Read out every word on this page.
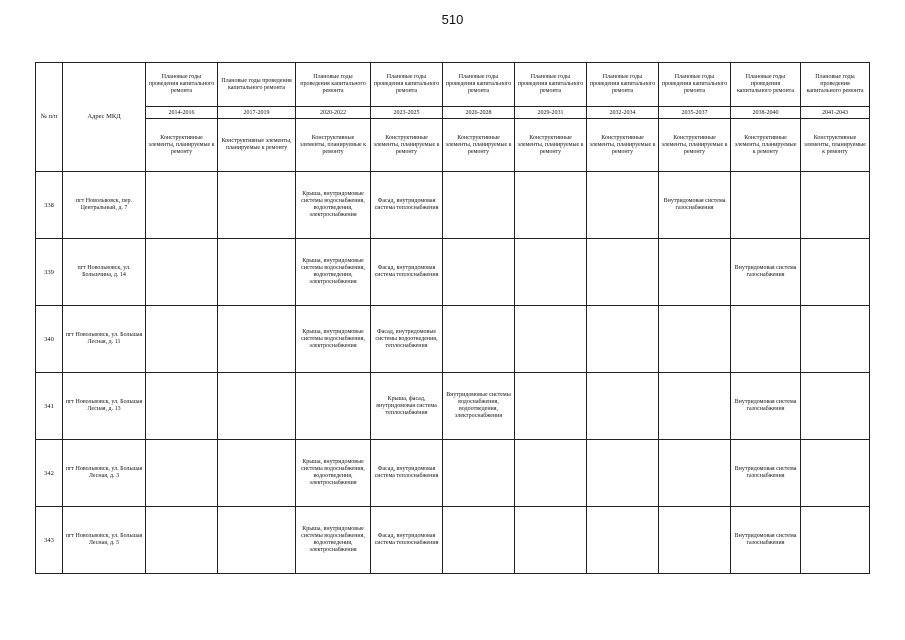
510
№ п/п	Адрес МКД	Плановые годы проведения капитального ремонта	Плановые годы проведения капитального ремонта	Плановые годы проведения капитального ремонта	Плановые годы проведения капитального ремонта	Плановые годы проведения капитального ремонта	Плановые годы проведения капитального ремонта	Плановые годы проведения капитального ремонта	Плановые годы проведения капитального ремонта	Плановые годы проведения капитального ремонта	Плановые годы проведения капитального ремонта
		2014-2016	2017-2019	2020-2022	2023-2025	2026-2028	2029-2031	2032-2034	2035-2037	2038-2040	2041-2043
		Конструктивные элементы, планируемые к ремонту	Конструктивные элементы, планируемые к ремонту	Конструктивные элементы, планируемые к ремонту	Конструктивные элементы, планируемые к ремонту	Конструктивные элементы, планируемые к ремонту	Конструктивные элементы, планируемые к ремонту	Конструктивные элементы, планируемые к ремонту	Конструктивные элементы, планируемые к ремонту	Конструктивные элементы, планируемые к ремонту	Конструктивные элементы, планируемые к ремонту
338	пгт Новольвовск, пер. Центральный, д. 7			Крыша, внутридомовые системы водоснабжения, водоотведения, электроснабжения	Фасад, внутридомовая система теплоснабжения				Внутридомовая система газоснабжения		
339	пгт Новольвовск, ул. Большчина, д. 14			Крыша, внутридомовые системы водоснабжения, водоотведения, электроснабжения	Фасад, внутридомовая система теплоснабжения					Внутридомовая система газоснабжения	
340	пгт Новольвовск, ул. Большая Лесная, д. 11			Крыша, внутридомовые системы водоснабжения, электроснабжения	Фасад, внутридомовые системы водоотведения, теплоснабжения						
341	пгт Новольвовск, ул. Большая Лесная, д. 13				Крыша, фасад, внутридомовая система теплоснабжения	Внутридомовые системы водоснабжения, водоотведения, электроснабжения				Внутридомовая система газоснабжения	
342	пгт Новольвовск, ул. Большая Лесная, д. 3			Крыша, внутридомовые системы водоснабжения, водоотведения, электроснабжения	Фасад, внутридомовая система теплоснабжения					Внутридомовая система газоснабжения	
343	пгт Новольвовск, ул. Большая Лесная, д. 5			Крыша, внутридомовые системы водоснабжения, водоотведения, электроснабжения	Фасад, внутридомовая система теплоснабжения					Внутридомовая система газоснабжения	
